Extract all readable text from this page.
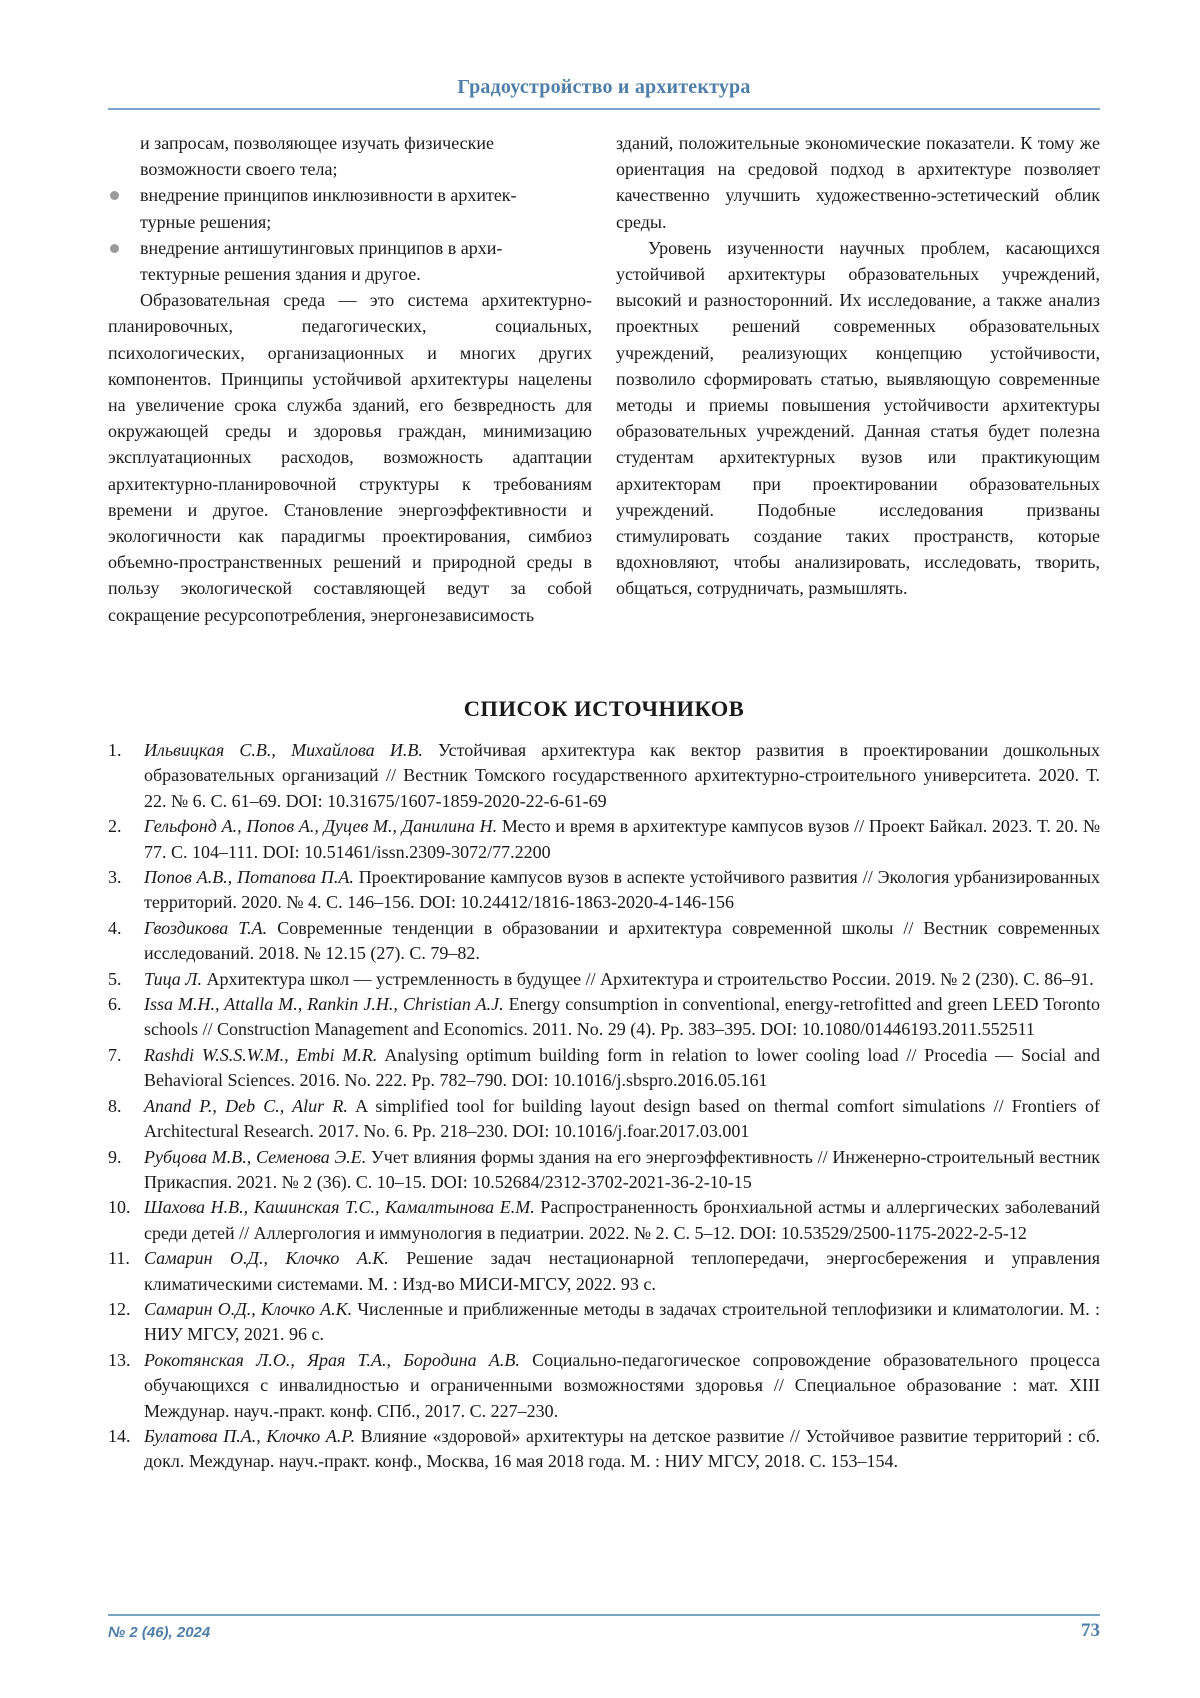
Градоустройство и архитектура
и запросам, позволяющее изучать физические
возможности своего тела;
внедрение принципов инклюзивности в архитек-
турные решения;
внедрение антишутинговых принципов в архи-
тектурные решения здания и другое.

Образовательная среда — это система архитектурно-планировочных, педагогических, социальных, психологических, организационных и многих других компонентов. Принципы устойчивой архитектуры нацелены на увеличение срока служба зданий, его безвредность для окружающей среды и здоровья граждан, минимизацию эксплуатационных расходов, возможность адаптации архитектурно-планировочной структуры к требованиям времени и другое. Становление энергоэффективности и экологичности как парадигмы проектирования, симбиоз объемно-пространственных решений и природной среды в пользу экологической составляющей ведут за собой сокращение ресурсопотребления, энергонезависимость

зданий, положительные экономические показатели. К тому же ориентация на средовой подход в архитектуре позволяет качественно улучшить художественно-эстетический облик среды.

Уровень изученности научных проблем, касающихся устойчивой архитектуры образовательных учреждений, высокий и разносторонний. Их исследование, а также анализ проектных решений современных образовательных учреждений, реализующих концепцию устойчивости, позволило сформировать статью, выявляющую современные методы и приемы повышения устойчивости архитектуры образовательных учреждений. Данная статья будет полезна студентам архитектурных вузов или практикующим архитекторам при проектировании образовательных учреждений. Подобные исследования призваны стимулировать создание таких пространств, которые вдохновляют, чтобы анализировать, исследовать, творить, общаться, сотрудничать, размышлять.

СПИСОК ИСТОЧНИКОВ
1.	Ильвицкая С.В., Михайлова И.В. Устойчивая архитектура как вектор развития в проектировании дошкольных образовательных организаций // Вестник Томского государственного архитектурно-строительного университета. 2020. Т. 22. № 6. С. 61–69. DOI: 10.31675/1607-1859-2020-22-6-61-69
2.	Гельфонд А., Попов А., Дуцев М., Данилина Н. Место и время в архитектуре кампусов вузов // Проект Байкал. 2023. Т. 20. № 77. С. 104–111. DOI: 10.51461/issn.2309-3072/77.2200
3.	Попов А.В., Потапова П.А. Проектирование кампусов вузов в аспекте устойчивого развития // Экология урбанизированных территорий. 2020. № 4. С. 146–156. DOI: 10.24412/1816-1863-2020-4-146-156
4.	Гвоздикова Т.А. Современные тенденции в образовании и архитектура современной школы // Вестник современных исследований. 2018. № 12.15 (27). С. 79–82.
5.	Тица Л. Архитектура школ — устремленность в будущее // Архитектура и строительство России. 2019. № 2 (230). С. 86–91.
6.	Issa M.H., Attalla M., Rankin J.H., Christian A.J. Energy consumption in conventional, energy-retrofitted and green LEED Toronto schools // Construction Management and Economics. 2011. No. 29 (4). Pp. 383–395. DOI: 10.1080/01446193.2011.552511
7.	Rashdi W.S.S.W.M., Embi M.R. Analysing optimum building form in relation to lower cooling load // Procedia — Social and Behavioral Sciences. 2016. No. 222. Pp. 782–790. DOI: 10.1016/j.sbspro.2016.05.161
8.	Anand P., Deb C., Alur R. A simplified tool for building layout design based on thermal comfort simulations // Frontiers of Architectural Research. 2017. No. 6. Pp. 218–230. DOI: 10.1016/j.foar.2017.03.001
9.	Рубцова М.В., Семенова Э.Е. Учет влияния формы здания на его энергоэффективность // Инженерно-строительный вестник Прикаспия. 2021. № 2 (36). С. 10–15. DOI: 10.52684/2312-3702-2021-36-2-10-15
10. Шахова Н.В., Кашинская Т.С., Камалтынова Е.М. Распространенность бронхиальной астмы и аллергических заболеваний среди детей // Аллергология и иммунология в педиатрии. 2022. № 2. С. 5–12. DOI: 10.53529/2500-1175-2022-2-5-12
11. Самарин О.Д., Клочко А.К. Решение задач нестационарной теплопередачи, энергосбережения и управления климатическими системами. М. : Изд-во МИСИ-МГСУ, 2022. 93 с.
12. Самарин О.Д., Клочко А.К. Численные и приближенные методы в задачах строительной теплофизики и климатологии. М. : НИУ МГСУ, 2021. 96 с.
13. Рокотянская Л.О., Ярая Т.А., Бородина А.В. Социально-педагогическое сопровождение образовательного процесса обучающихся с инвалидностью и ограниченными возможностями здоровья // Специальное образование : мат. XIII Междунар. науч.-практ. конф. СПб., 2017. С. 227–230.
14. Булатова П.А., Клочко А.Р. Влияние «здоровой» архитектуры на детское развитие // Устойчивое развитие территорий : сб. докл. Междунар. науч.-практ. конф., Москва, 16 мая 2018 года. М. : НИУ МГСУ, 2018. С. 153–154.
№ 2 (46), 2024	73
